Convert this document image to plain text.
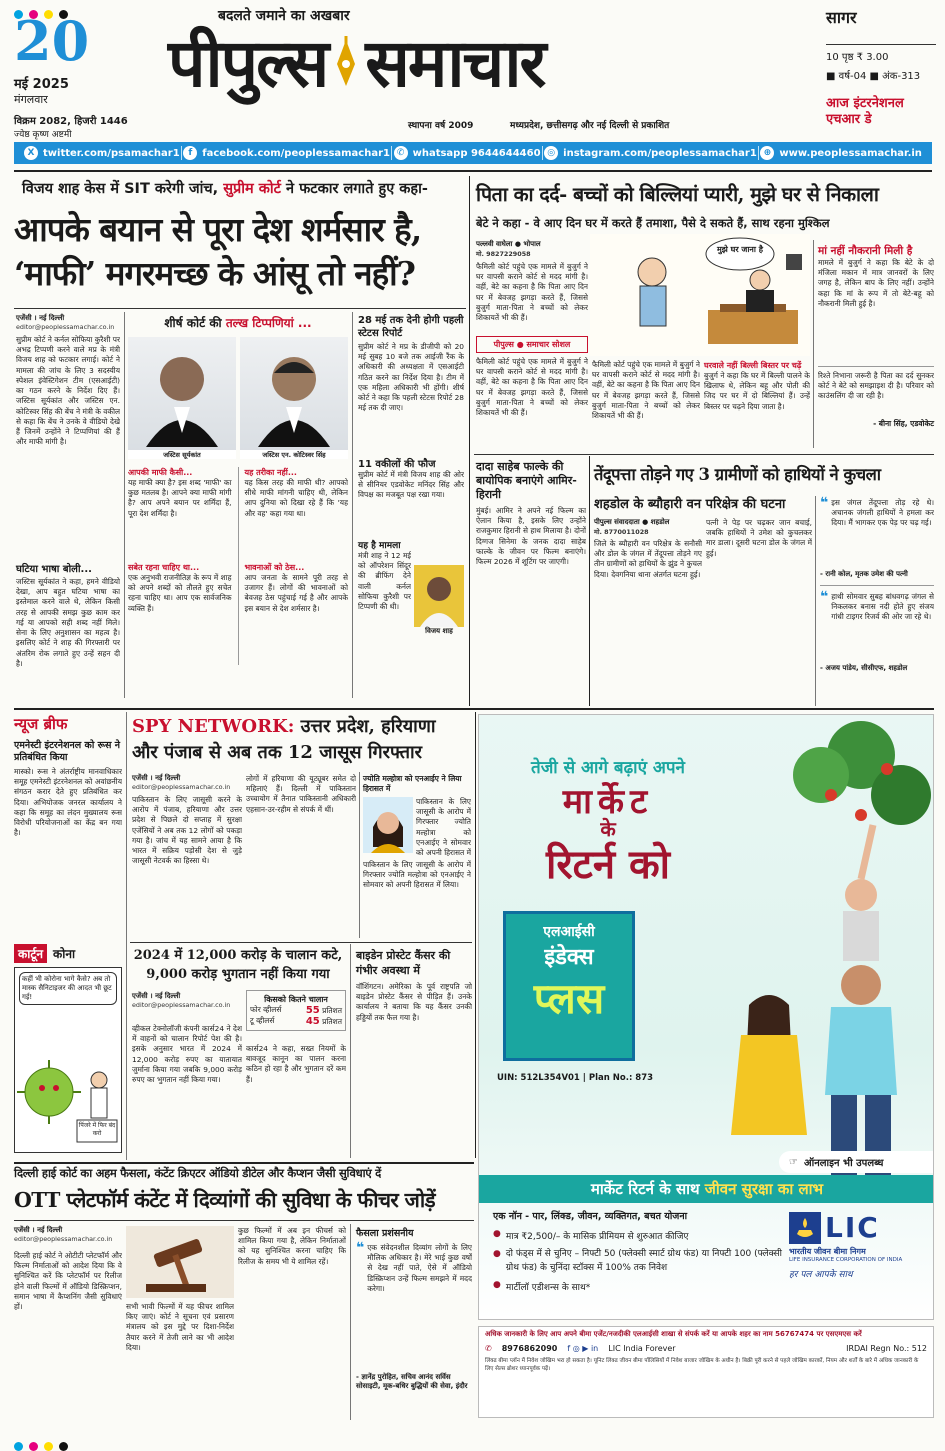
20
मई 2025
मंगलवार
विक्रम 2082, हिजरी 1446
ज्येष्ठ कृष्ण अष्टमी
बदलते जमाने का अखबार
पीपुल्स समाचार
स्थापना वर्ष 2009	मध्यप्रदेश, छत्तीसगढ़ और नई दिल्ली से प्रकाशित
सागर
10 पृष्ठ ₹ 3.00
■ वर्ष-04 ■ अंक-313
आज इंटरनेशनल एचआर डे
X twitter.com/psamachar1 f	facebook.com/peoplessamachar1 ✆ whatsapp 9644644460 ◎ instagram.com/peoplessamachar1 ⊕ www.peoplessamachar.in
विजय शाह केस में SIT करेगी जांच, सुप्रीम कोर्ट ने फटकार लगाते हुए कहा-
आपके बयान से पूरा देश शर्मसार है,
‘माफी’ मगरमच्छ के आंसू तो नहीं?
एजेंसी । नई दिल्ली
editor@peoplessamachar.co.in
सुप्रीम कोर्ट ने कर्नल सोफिया कुरैशी पर अभद्र टिप्पणी करने वाले मप्र के मंत्री विजय शाह को फटकार लगाई। कोर्ट ने मामला की जांच के लिए 3 सदस्यीय स्पेशल इंवेस्टिगेशन टीम (एसआईटी) का गठन करने के निर्देश दिए हैं। जस्टिस सूर्यकांत और जस्टिस एन. कोटिस्वर सिंह की बेंच ने मंत्री के वकील से कहा कि बेंच ने उनके वे वीडियो देखे हैं जिनमें उन्होंने ने टिप्पणियां की हैं और माफी मांगी है।
घटिया भाषा बोली...
जस्टिस सूर्यकांत ने कहा, हमने वीडियो देखा, आप बहुत घटिया भाषा का इस्तेमाल करने वाले थे, लेकिन किसी तरह से आपकी समझ कुछ काम कर गई या आपको सही शब्द नहीं मिले। सेना के लिए अनुशासन का महत्व है। इसलिए कोर्ट ने शाह की गिरफ्तारी पर अंतरिम रोक लगाते हुए उन्हें सहन दी है।
शीर्ष कोर्ट की तल्ख टिप्पणियां ...
जस्टिस सूर्यकांत	जस्टिस एन. कोटिस्वर सिंह
आपकी माफी कैसी...
यह माफी क्या है? इस शब्द 'माफी' का कुछ मतलब है। आपने क्या माफी मांगी है? आप अपने बयान पर शर्मिंदा हैं, पूरा देश शर्मिंदा है।
सबेत रहना चाहिए था...
एक अनुभवी राजनीतिज्ञ के रूप में शाह को अपने शब्दों को तौलते हुए सचेत रहना चाहिए था। आप एक सार्वजनिक व्यक्ति हैं।
यह तरीका नहीं...
यह किस तरह की माफी थी? आपको सीधे माफी मांगनी चाहिए थी, लेकिन आप दुनिया को दिखा रहे हैं कि 'यह और वह' कहा गया था।
भावनाओं को ठेस...
आप जनता के सामने पूरी तरह से उजागर हैं। लोगों की भावनाओं को बेवजह ठेस पहुंचाई गई है और आपके इस बयान से देश शर्मसार है।
28 मई तक देनी होगी पहली स्टेटस रिपोर्ट
सुप्रीम कोर्ट ने मप्र के डीजीपी को 20 मई सुबह 10 बजे तक आईजी रैंक के अधिकारी की अध्यक्षता में एसआईटी गठित करने का निर्देश दिया है। टीम में एक महिला अधिकारी भी होंगी। शीर्ष कोर्ट ने कहा कि पहली स्टेटस रिपोर्ट 28 मई तक दी जाए।
11 वकीलों की फौज
सुप्रीम कोर्ट में मंत्री विजय शाह की ओर से सीनियर एडवोकेट मनिंदर सिंह और विपक्ष का मजबूत पक्ष रखा गया।
यह है मामला
मंत्री शाह ने 12 मई को ऑपरेशन सिंदूर की ब्रीफिंग देने वाली कर्नल सोफिया कुरैशी पर टिप्पणी की थी।
विजय शाह
पिता का दर्द- बच्चों को बिल्लियां प्यारी, मुझे घर से निकाला
बेटे ने कहा - वे आए दिन घर में करते हैं तमाशा, पैसे दे सकते हैं, साथ रहना मुश्किल
पल्लवी वाघेला ● भोपाल
मो. 9827229058	मुझे घर जाना है
फैमिली कोर्ट पहुंचे एक मामले में बुजुर्ग ने घर वापसी कराने कोर्ट से मदद मांगी है। वहीं, बेटे का कहना है कि पिता आए दिन घर में बेवजह झगड़ा करते हैं, जिससे बुजुर्ग माता-पिता ने बच्चों को लेकर शिकायतें भी की हैं।
पीपुल्स ● समाचार सोशल
फैमिली कोर्ट पहुंचे एक मामले में बुजुर्ग ने घर वापसी कराने कोर्ट से मदद मांगी है। वहीं, बेटे का कहना है कि पिता आए दिन घर में बेवजह झगड़ा करते हैं, जिससे बुजुर्ग माता-पिता ने बच्चों को लेकर शिकायतें भी की हैं।
फैमिली कोर्ट पहुंचे एक मामले में बुजुर्ग ने घर वापसी कराने कोर्ट से मदद मांगी है। वहीं, बेटे का कहना है कि पिता आए दिन घर में बेवजह झगड़ा करते हैं, जिससे बुजुर्ग माता-पिता ने बच्चों को लेकर शिकायतें भी की हैं।
घरवाले नहीं बिल्ली बिस्तर पर चढ़ें
बुजुर्ग ने कहा कि घर में बिल्ली पालने के खिलाफ थे, लेकिन बहू और पोती की जिद पर घर में दो बिल्लियां हैं। उन्हें बिस्तर पर चढ़ने दिया जाता है।
मां नहीं नौकरानी मिली है
मामले में बुजुर्ग ने कहा कि बेटे के दो मंजिला मकान में मात्र जानवरों के लिए जगह है, लेकिन बाप के लिए नहीं। उन्होंने कहा कि मां के रूप में तो बेटे-बहू को नौकरानी मिली हुई है।
रिश्ते निभाना जरूरी है पिता का दर्द सुनकर कोर्ट ने बेटे को समझाइश दी है। परिवार को काउंसलिंग दी जा रही है।
- बीना सिंह, एडवोकेट
दादा साहेब फाल्के की बायोपिक बनाएंगे आमिर-हिरानी
मुंबई। आमिर ने अपने नई फिल्म का ऐलान किया है, इसके लिए उन्होंने राजकुमार हिरानी से हाथ मिलाया है। दोनों दिग्गज सिनेमा के जनक दादा साहेब फाल्के के जीवन पर फिल्म बनाएंगे। फिल्म 2026 में शूटिंग पर जाएगी।
तेंदूपत्ता तोड़ने गए 3 ग्रामीणों को हाथियों ने कुचला
शहडोल के ब्यौहारी वन परिक्षेत्र की घटना
पीपुल्स संवाददाता ● शहडोल
मो. 8770011028
जिले के ब्यौहारी वन परिक्षेत्र के सनौसी और डोल के जंगल में तेंदूपत्ता तोड़ने गए तीन ग्रामीणों को हाथियों के झुंड ने कुचल दिया। देवगनिया थाना अंतर्गत घटना हुई।
पत्नी ने पेड़ पर चढ़कर जान बचाई, जबकि हाथियों ने उमेश को कुचलकर मार डाला। दूसरी घटना डोल के जंगल में हुई।
❝ इस जंगल तेंदूपत्ता तोड़ रहे थे। अचानक जंगली हाथियों ने हमला कर दिया। मैं भागकर एक पेड़ पर चढ़ गई।
- रानी कोल, मृतक उमेश की पत्नी
❝ हाथी सोमवार सुबह बांधवगढ़ जंगल से निकलकर बनास नदी होते हुए संजय गांधी टाइगर रिजर्व की ओर जा रहे थे।
- अजय पांडेय, सीसीएफ, शहडोल
न्यूज ब्रीफ
एमनेस्टी इंटरनेशनल को रूस ने प्रतिबंधित किया
मास्को। रूस ने अंतर्राष्ट्रीय मानवाधिकार समूह एमनेस्टी इंटरनेशनल को अवांछनीय संगठन करार देते हुए प्रतिबंधित कर दिया। अभियोजक जनरल कार्यालय ने कहा कि समूह का लंदन मुख्यालय रूस विरोधी परियोजनाओं का केंद्र बन गया है।
कार्टून कोना
कहीं भी कोरोना भागे कैसे? अब तो मास्क सैनिटाइजर की आदत भी छूट गई!
पिंजरे में फिर बंद करो
SPY NETWORK: उत्तर प्रदेश, हरियाणा
और पंजाब से अब तक 12 जासूस गिरफ्तार
एजेंसी । नई दिल्ली
editor@peoplessamachar.co.in
पाकिस्तान के लिए जासूसी करने के आरोप में पंजाब, हरियाणा और उत्तर प्रदेश से पिछले दो सप्ताह में सुरक्षा एजेंसियों ने अब तक 12 लोगों को पकड़ा गया है। जांच में यह सामने आया है कि भारत में सक्रिय पड़ोसी देश से जुड़े जासूसी नेटवर्क का हिस्सा थे।
लोगों में हरियाणा की यूट्यूबर समेत दो महिलाएं हैं। दिल्ली में पाकिस्तान उच्चायोग में तैनात पाकिस्तानी अधिकारी एहसान-उर-रहीम से संपर्क में थीं।
ज्योति मल्होत्रा को एनआईए ने लिया हिरासत में
पाकिस्तान के लिए जासूसी के आरोप में गिरफ्तार ज्योति मल्होत्रा को एनआईए ने सोमवार को अपनी हिरासत में
पाकिस्तान के लिए जासूसी के आरोप में गिरफ्तार ज्योति मल्होत्रा को एनआईए ने सोमवार को अपनी हिरासत में लिया।
2024 में 12,000 करोड़ के चालान कटे,
9,000 करोड़ भुगतान नहीं किया गया
एजेंसी । नई दिल्ली
editor@peoplessamachar.co.in
किसको कितने चालान
फोर व्हीलर्स 55 प्रतिशत
टू व्हीलर्स	45 प्रतिशत
व्हीकल टेक्नोलॉजी कंपनी कार्स24 ने देश में वाहनों को चालान रिपोर्ट पेश की है। इसके अनुसार भारत में 2024 में 12,000 करोड़ रुपए का यातायात जुर्माना किया गया जबकि 9,000 करोड़ रुपए का भुगतान नहीं किया गया।
कार्स24 ने कहा, सख्त नियमों के बावजूद कानून का पालन करना कठिन हो रहा है और भुगतान दरें कम हैं।
बाइडेन प्रोस्टेट कैंसर की गंभीर अवस्था में
वॉशिंगटन। अमेरिका के पूर्व राष्ट्रपति जो बाइडेन प्रोस्टेट कैंसर से पीड़ित हैं। उनके कार्यालय ने बताया कि यह कैंसर उनकी हड्डियों तक फैल गया है।
तेजी से आगे बढ़ाएं अपने
मार्केट
के
रिटर्न को
एलआईसी
इंडेक्स
प्लस
UIN: 512L354V01 | Plan No.: 873
☞ ऑनलाइन भी उपलब्ध
मार्केट रिटर्न के साथ जीवन सुरक्षा का लाभ
एक नॉन - पार, लिंक्ड, जीवन, व्यक्तिगत, बचत योजना
● मात्र ₹2,500/– के मासिक प्रीमियम से शुरुआत कीजिए
● दो फंड्स में से चुनिए – निफ्टी 50 (फ्लेक्सी स्मार्ट ग्रोथ फंड) या निफ्टी 100 (फ्लेक्सी ग्रोथ फंड) के चुनिंदा स्टॉक्स में 100% तक निवेश
● मार्टीलॉ एडीशन्स के साथ*
LIC
भारतीय जीवन बीमा निगम
LIFE INSURANCE CORPORATION OF INDIA
हर पल आपके साथ
अधिक जानकारी के लिए आप अपने बीमा एजेंट/नजदीकी एलआईसी शाखा से संपर्क करें या आपके शहर का नाम 56767474 पर एसएमएस करें
✆ 8976862090 f ◎ ▶ in LIC India Forever	IRDAI Regn No.: 512
लिंक्ड बीमा प्लॉन में निवेश जोखिम भरा हो सकता है। यूनिट लिंक्ड जीवन बीमा पॉलिसियों में निवेश बाजार जोखिम के अधीन है। बिक्री पूरी करने से पहले जोखिम कारकों, नियम और शर्तों के बारे में अधिक जानकारी के लिए सेल्स ब्रोशर ध्यानपूर्वक पढ़ें।
दिल्ली हाई कोर्ट का अहम फैसला, कंटेंट क्रिएटर ऑडियो डीटेल और कैप्शन जैसी सुविधाएं दें
OTT प्लेटफॉर्म कंटेंट में दिव्यांगों की सुविधा के फीचर जोड़ें
एजेंसी । नई दिल्ली
editor@peoplessamachar.co.in
दिल्ली हाई कोर्ट ने ओटीटी प्लेटफॉर्म और फिल्म निर्माताओं को आदेश दिया कि वे सुनिश्चित करें कि प्लेटफॉर्म पर रिलीज होने वाली फिल्मों में ऑडियो डिस्क्रिप्शन, समान भाषा में कैप्शनिंग जैसी सुविधाएं हों।	सभी भावी फिल्मों में यह फीचर शामिल किए जाएं। कोर्ट ने सूचना एवं प्रसारण मंत्रालय को इस मुद्दे पर दिशा-निर्देश तैयार करने में तेजी लाने का भी आदेश दिया।
कुछ फिल्मों में अब इन फीचर्स को शामिल किया गया है, लेकिन निर्माताओं को यह सुनिश्चित करना चाहिए कि रिलीज के समय भी ये शामिल रहें।
फैसला प्रशंसनीय
❝ एक संवेदनशील दिव्यांग लोगों के लिए मौलिक अधिकार है। मेरे भाई कुछ वर्षों से देख नहीं पाते, ऐसे में ऑडियो डिस्क्रिप्शन उन्हें फिल्म समझने में मदद करेगा।
- ज्ञानेंद्र पुरोहित, सचिव आनंद सर्विस सोसाइटी, मूक-बधिर बुद्धियों की सेवा, इंदौर
